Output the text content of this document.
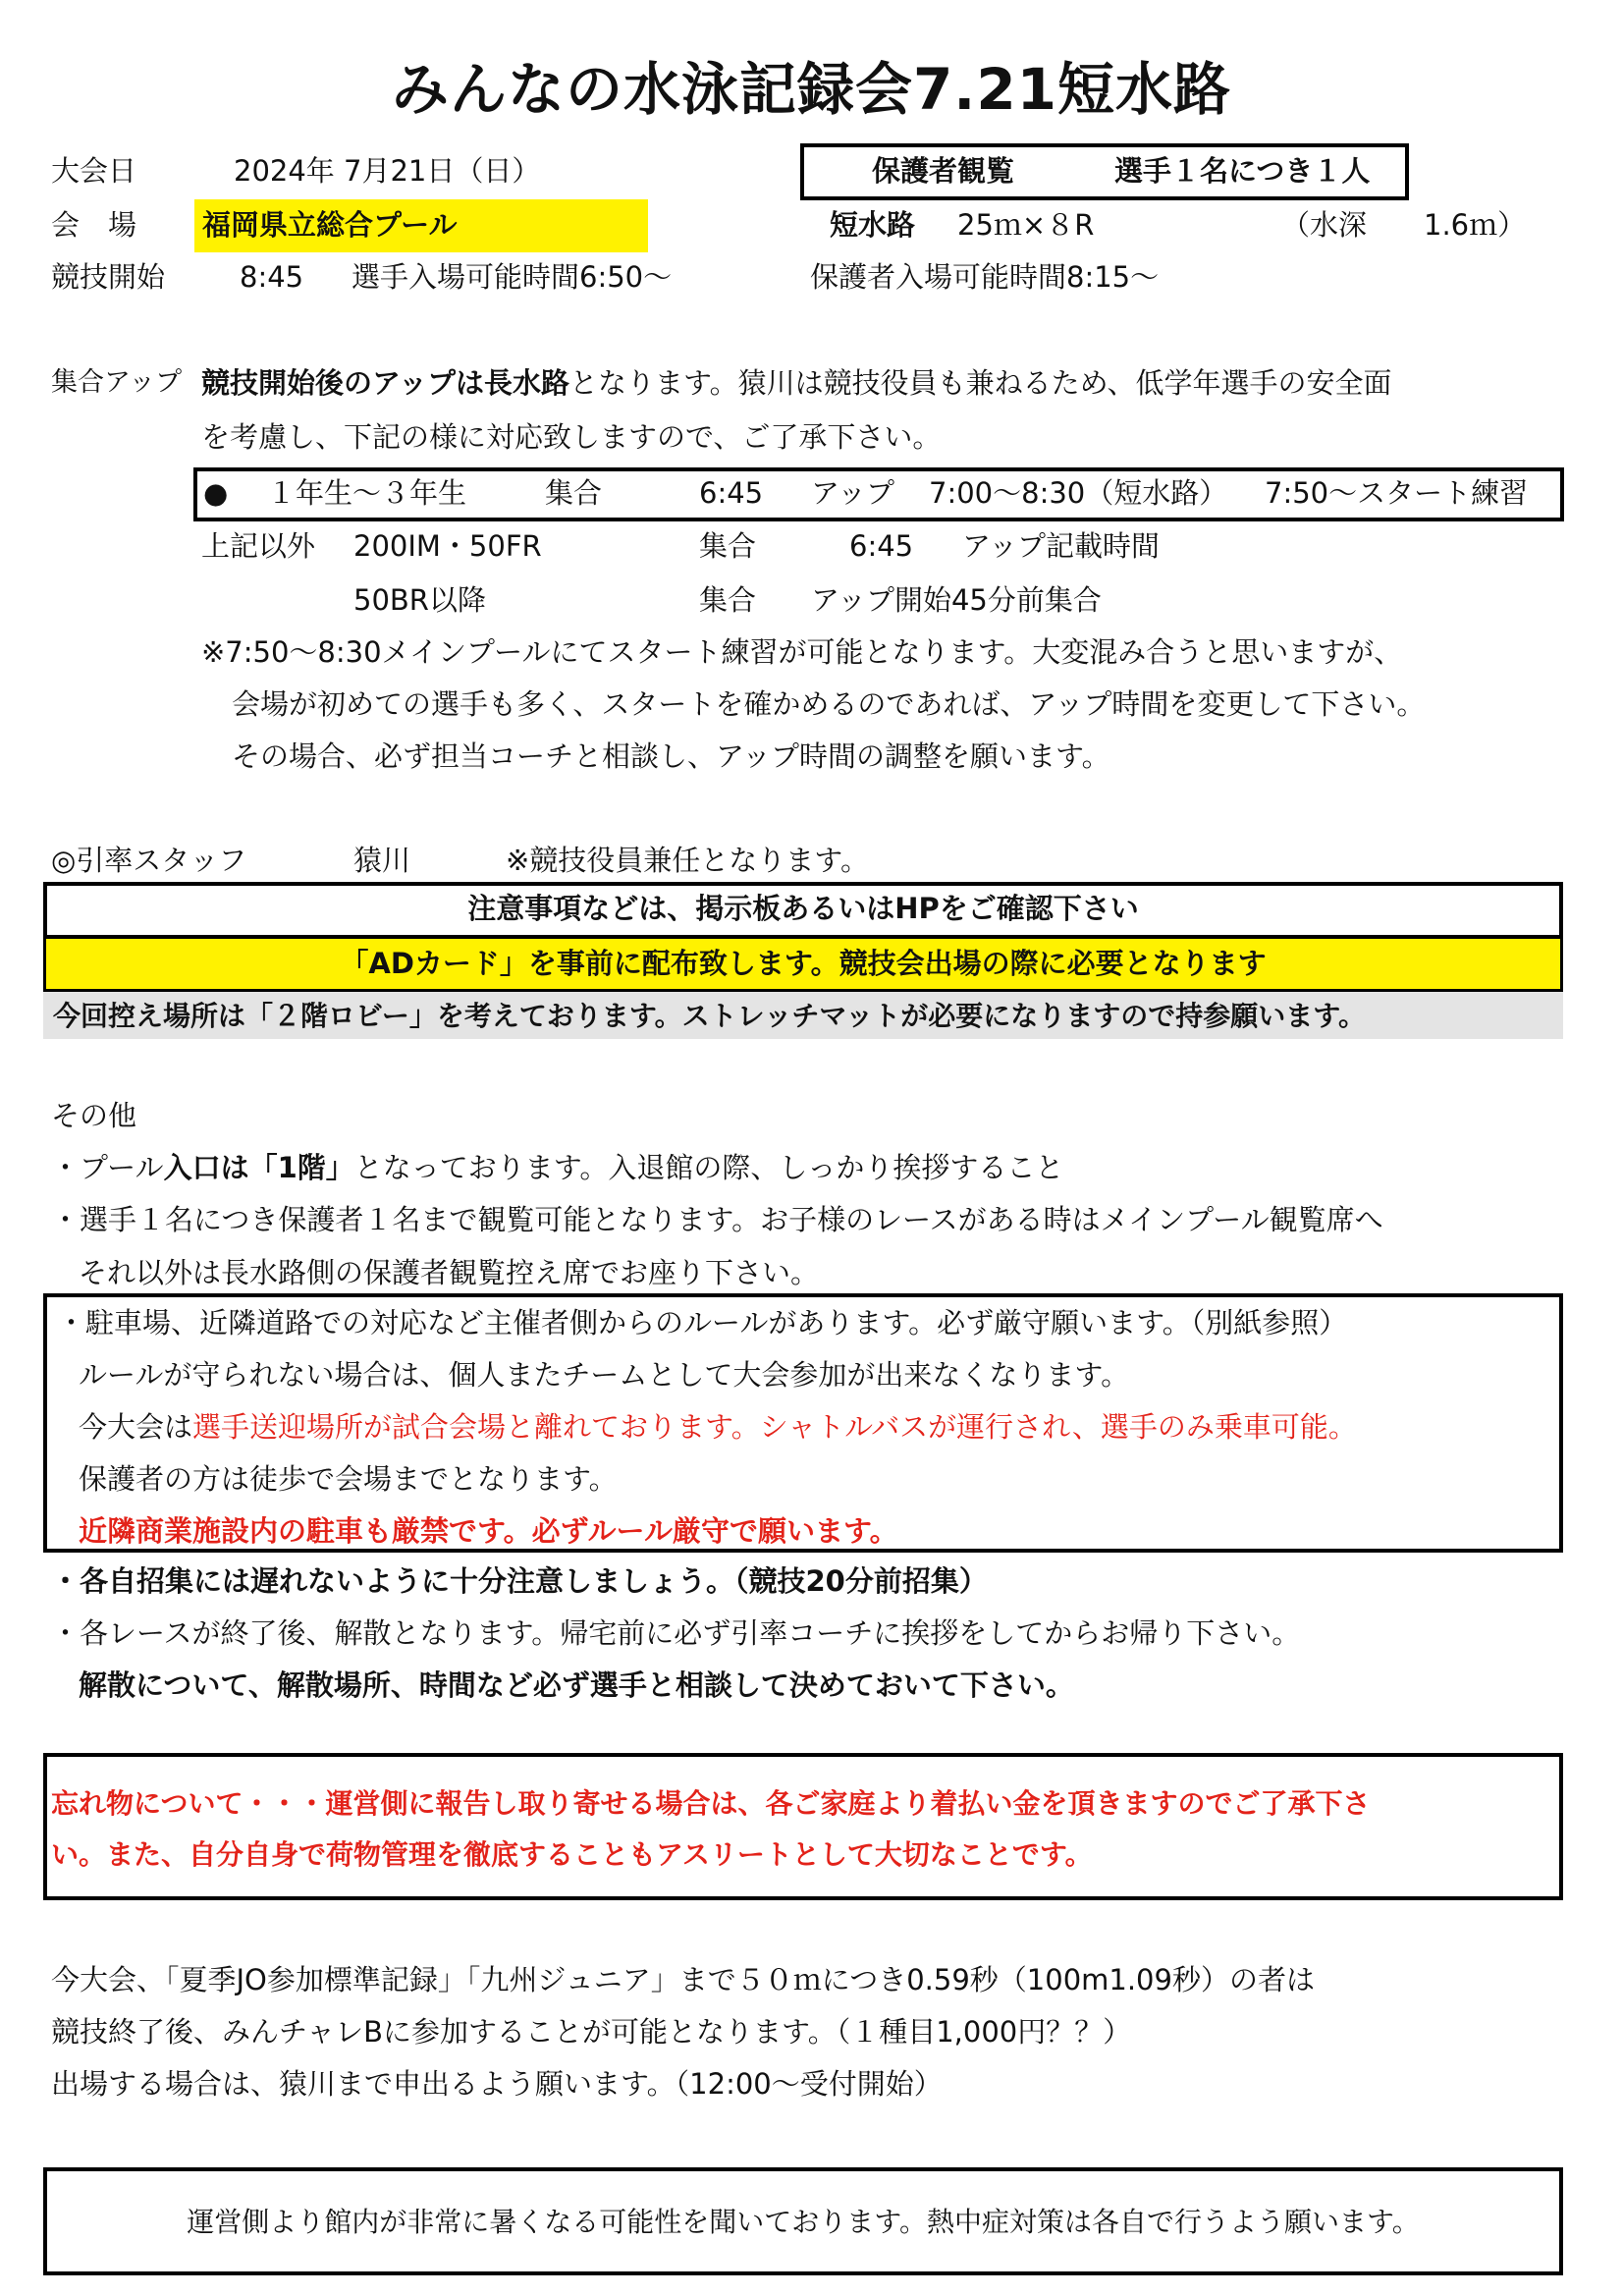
みんなの水泳記録会7.21短水路
大会日	2024年 7月21日（日）	保護者観覧	選手１名につき１人
会　場 福岡県立総合プール	短水路 25ｍ×８R	（水深　　1.6ｍ）
競技開始	8:45 選手入場可能時間6:50〜	保護者入場可能時間8:15〜
集合アップ 競技開始後のアップは長水路となります。猿川は競技役員も兼ねるため、低学年選手の安全面
を考慮し、下記の様に対応致しますので、ご了承下さい。
● １年生〜３年生	集合	6:45 アップ 7:00〜8:30（短水路） 7:50〜スタート練習
上記以外 200IM・50FR	集合	6:45 アップ記載時間
50BR以降	集合 アップ開始45分前集合
※7:50〜8:30メインプールにてスタート練習が可能となります。大変混み合うと思いますが、
会場が初めての選手も多く、スタートを確かめるのであれば、アップ時間を変更して下さい。
その場合、必ず担当コーチと相談し、アップ時間の調整を願います。
◎引率スタッフ	猿川	※競技役員兼任となります。
注意事項などは、掲示板あるいはHPをご確認下さい
「ADカード」を事前に配布致します。競技会出場の際に必要となります
今回控え場所は「２階ロビー」を考えております。ストレッチマットが必要になりますので持参願います。
その他
・プール入口は「1階」となっております。入退館の際、しっかり挨拶すること
・選手１名につき保護者１名まで観覧可能となります。お子様のレースがある時はメインプール観覧席へ
それ以外は長水路側の保護者観覧控え席でお座り下さい。
・駐車場、近隣道路での対応など主催者側からのルールがあります。必ず厳守願います。（別紙参照）
ルールが守られない場合は、個人またチームとして大会参加が出来なくなります。
今大会は選手送迎場所が試合会場と離れております。シャトルバスが運行され、選手のみ乗車可能。
保護者の方は徒歩で会場までとなります。
近隣商業施設内の駐車も厳禁です。必ずルール厳守で願います。
・各自招集には遅れないように十分注意しましょう。（競技20分前招集）
・各レースが終了後、解散となります。帰宅前に必ず引率コーチに挨拶をしてからお帰り下さい。
解散について、解散場所、時間など必ず選手と相談して決めておいて下さい。
忘れ物について・・・運営側に報告し取り寄せる場合は、各ご家庭より着払い金を頂きますのでご了承下さ
い。また、自分自身で荷物管理を徹底することもアスリートとして大切なことです。
今大会、「夏季JO参加標準記録」「九州ジュニア」まで５０ｍにつき0.59秒（100m1.09秒）の者は
競技終了後、みんチャレBに参加することが可能となります。（１種目1,000円？？）
出場する場合は、猿川まで申出るよう願います。（12:00〜受付開始）
運営側より館内が非常に暑くなる可能性を聞いております。熱中症対策は各自で行うよう願います。
